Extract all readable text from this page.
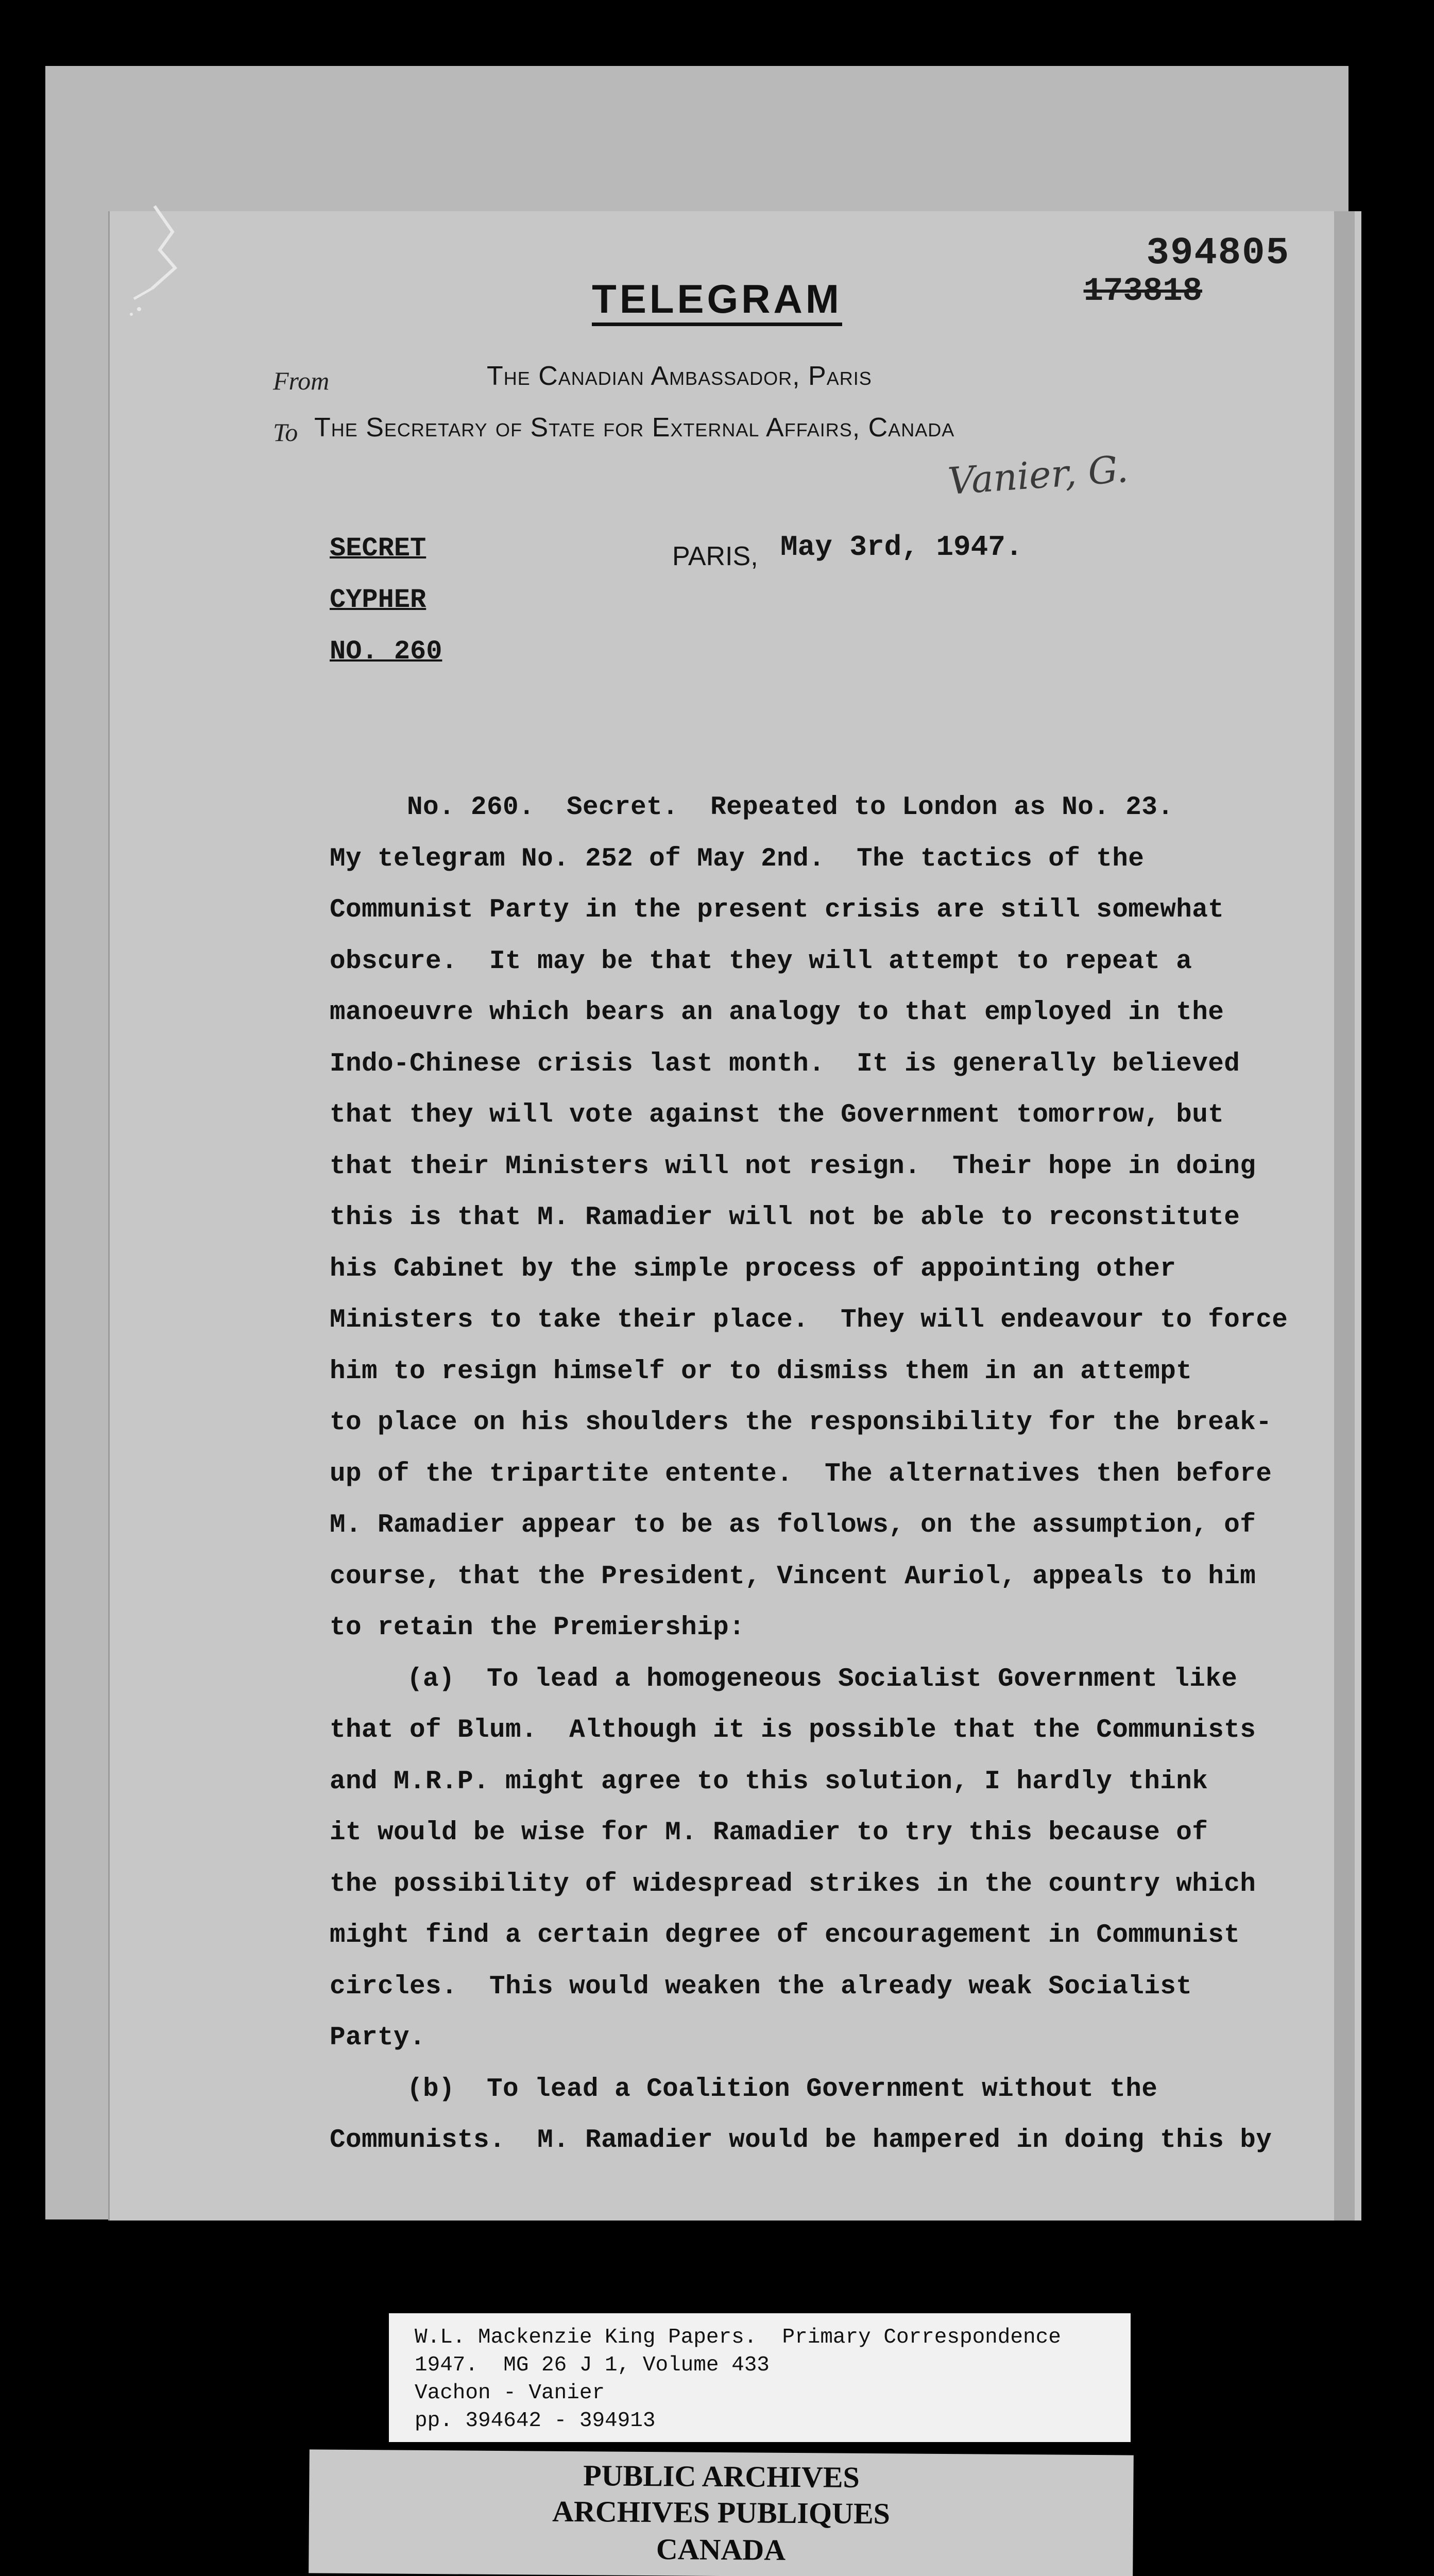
394805
173818
TELEGRAM
From	The Canadian Ambassador, Paris
To The Secretary of State for External Affairs, Canada
Vanier, G.
SECRET
CYPHER
NO. 260
PARIS, May 3rd, 1947.

No. 260.  Secret.  Repeated to London as No. 23.

My telegram No. 252 of May 2nd.  The tactics of the

Communist Party in the present crisis are still somewhat

obscure.  It may be that they will attempt to repeat a

manoeuvre which bears an analogy to that employed in the

Indo-Chinese crisis last month.  It is generally believed

that they will vote against the Government tomorrow, but

that their Ministers will not resign.  Their hope in doing

this is that M. Ramadier will not be able to reconstitute

his Cabinet by the simple process of appointing other

Ministers to take their place.  They will endeavour to force

him to resign himself or to dismiss them in an attempt

to place on his shoulders the responsibility for the break-

up of the tripartite entente.  The alternatives then before

M. Ramadier appear to be as follows, on the assumption, of

course, that the President, Vincent Auriol, appeals to him

to retain the Premiership:

(a)  To lead a homogeneous Socialist Government like

that of Blum.  Although it is possible that the Communists

and M.R.P. might agree to this solution, I hardly think

it would be wise for M. Ramadier to try this because of

the possibility of widespread strikes in the country which

might find a certain degree of encouragement in Communist

circles.  This would weaken the already weak Socialist Party.

(b)  To lead a Coalition Government without the

Communists.  M. Ramadier would be hampered in doing this by

W.L. Mackenzie King Papers.  Primary Correspondence
1947.  MG 26 J 1, Volume 433
Vachon - Vanier
pp. 394642 - 394913
PUBLIC ARCHIVES
ARCHIVES PUBLIQUES
CANADA
